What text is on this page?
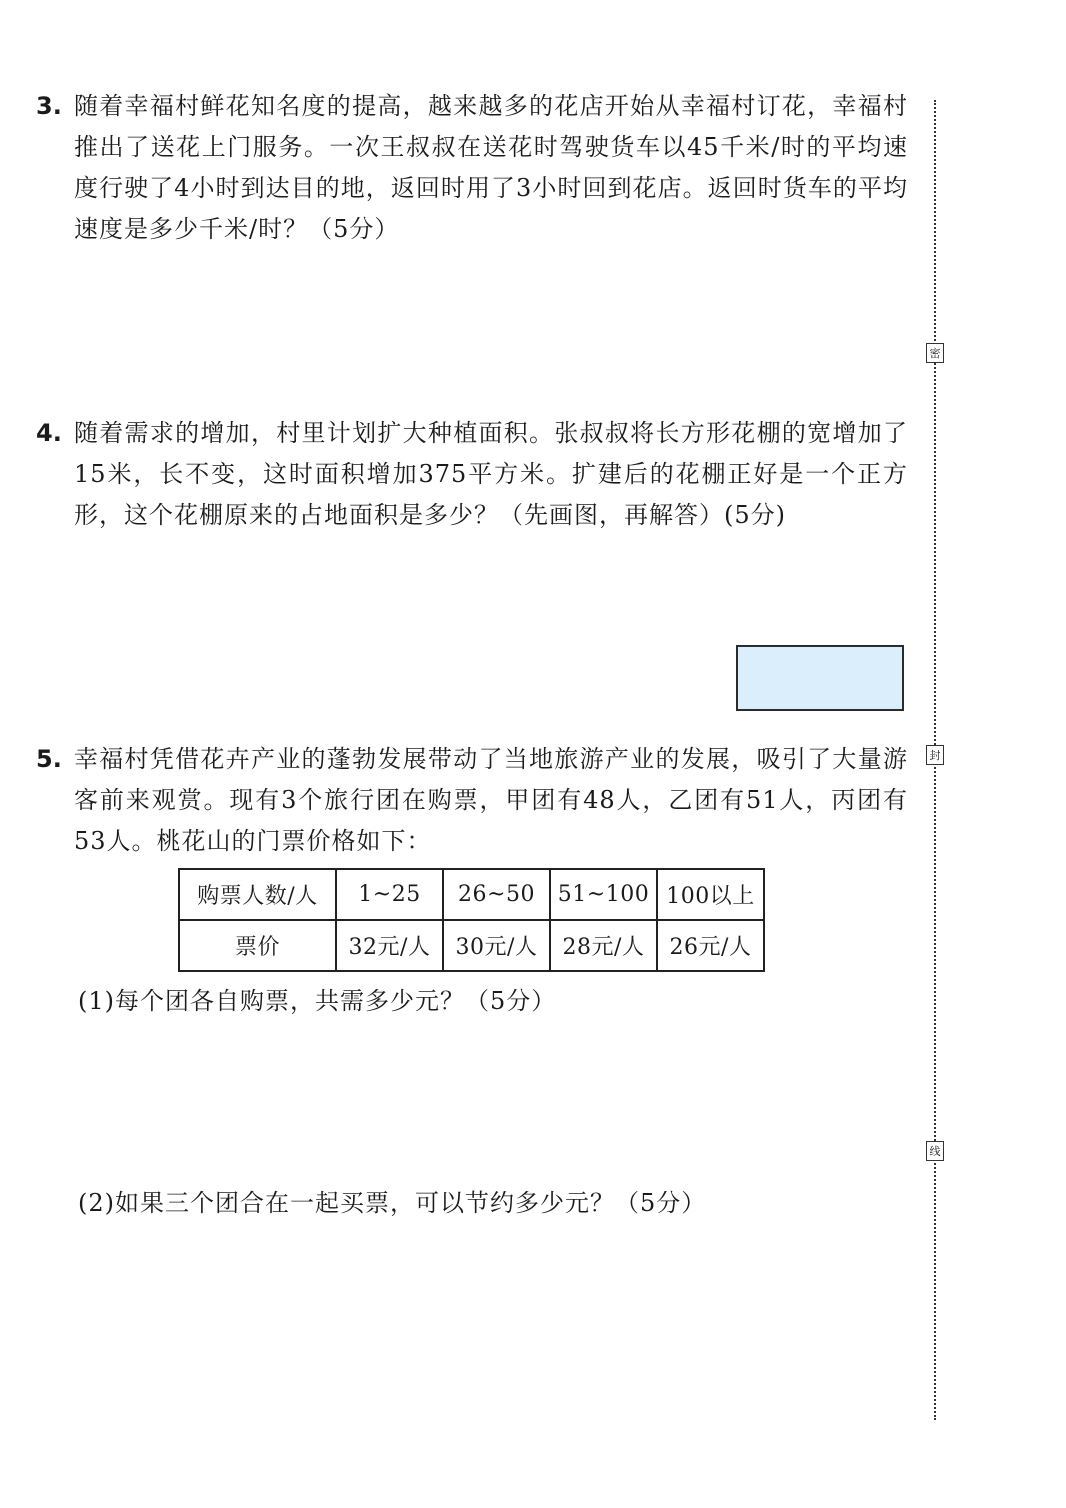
3. 随着幸福村鲜花知名度的提高，越来越多的花店开始从幸福村订花，幸福村推出了送花上门服务。一次王叔叔在送花时驾驶货车以45千米/时的平均速度行驶了4小时到达目的地，返回时用了3小时回到花店。返回时货车的平均速度是多少千米/时？（5分）
4. 随着需求的增加，村里计划扩大种植面积。张叔叔将长方形花棚的宽增加了15米，长不变，这时面积增加375平方米。扩建后的花棚正好是一个正方形，这个花棚原来的占地面积是多少？（先画图，再解答）(5分)
5. 幸福村凭借花卉产业的蓬勃发展带动了当地旅游产业的发展，吸引了大量游客前来观赏。现有3个旅行团在购票，甲团有48人，乙团有51人，丙团有53人。桃花山的门票价格如下：
购票人数/人	1~25	26~50	51~100	100以上
票价	32元/人	30元/人	28元/人	26元/人
(1)每个团各自购票，共需多少元？（5分）
(2)如果三个团合在一起买票，可以节约多少元？（5分）
密
封
线
